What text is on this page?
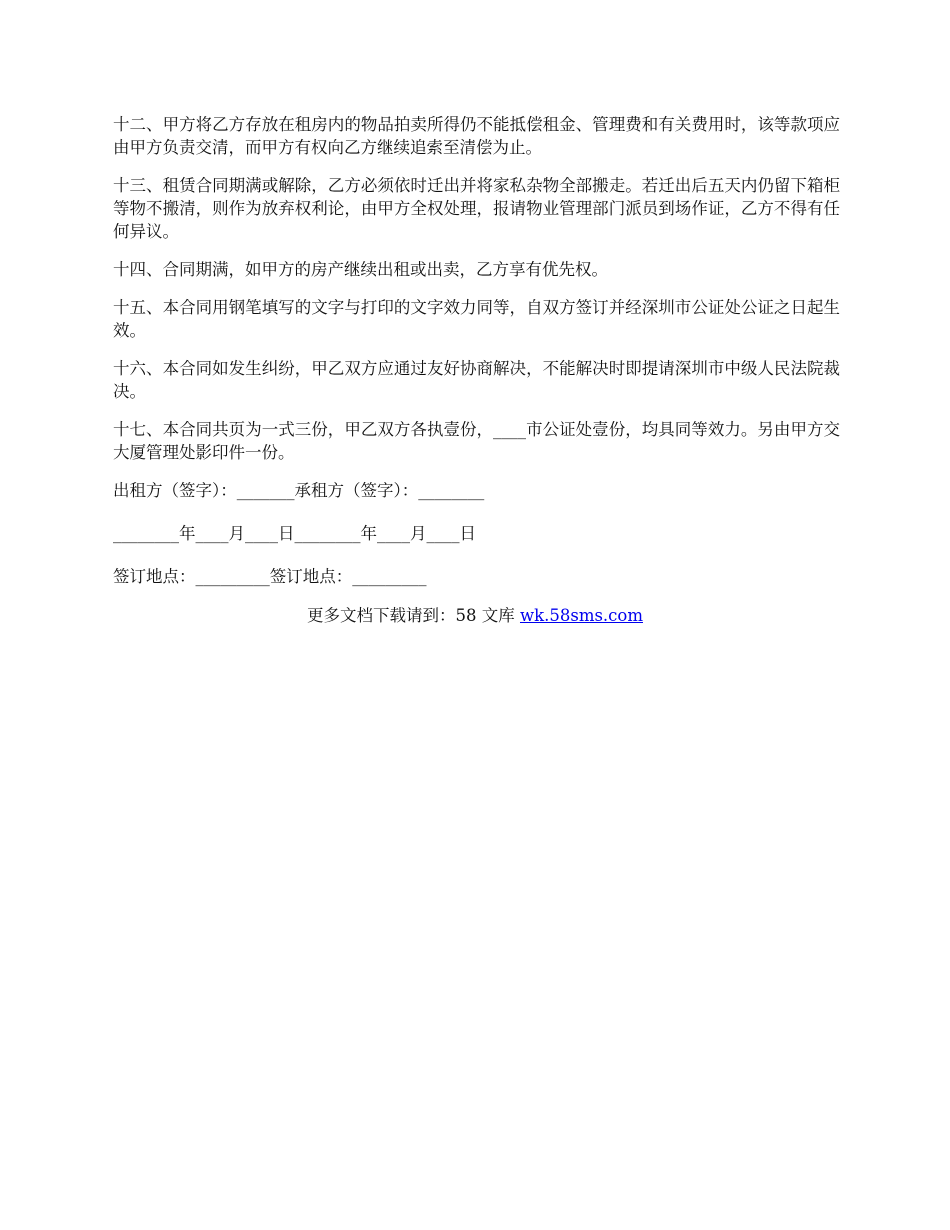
十二、甲方将乙方存放在租房内的物品拍卖所得仍不能抵偿租金、管理费和有关费用时，该等款项应由甲方负责交清，而甲方有权向乙方继续追索至清偿为止。

十三、租赁合同期满或解除，乙方必须依时迁出并将家私杂物全部搬走。若迁出后五天内仍留下箱柜等物不搬清，则作为放弃权利论，由甲方全权处理，报请物业管理部门派员到场作证，乙方不得有任何异议。

十四、合同期满，如甲方的房产继续出租或出卖，乙方享有优先权。

十五、本合同用钢笔填写的文字与打印的文字效力同等，自双方签订并经深圳市公证处公证之日起生效。

十六、本合同如发生纠纷，甲乙双方应通过友好协商解决，不能解决时即提请深圳市中级人民法院裁决。

十七、本合同共页为一式三份，甲乙双方各执壹份，____市公证处壹份，均具同等效力。另由甲方交大厦管理处影印件一份。

出租方（签字）：_______承租方（签字）：________

________年____月____日________年____月____日

签订地点：_________签订地点：_________

更多文档下载请到：58 文库 wk.58sms.com
